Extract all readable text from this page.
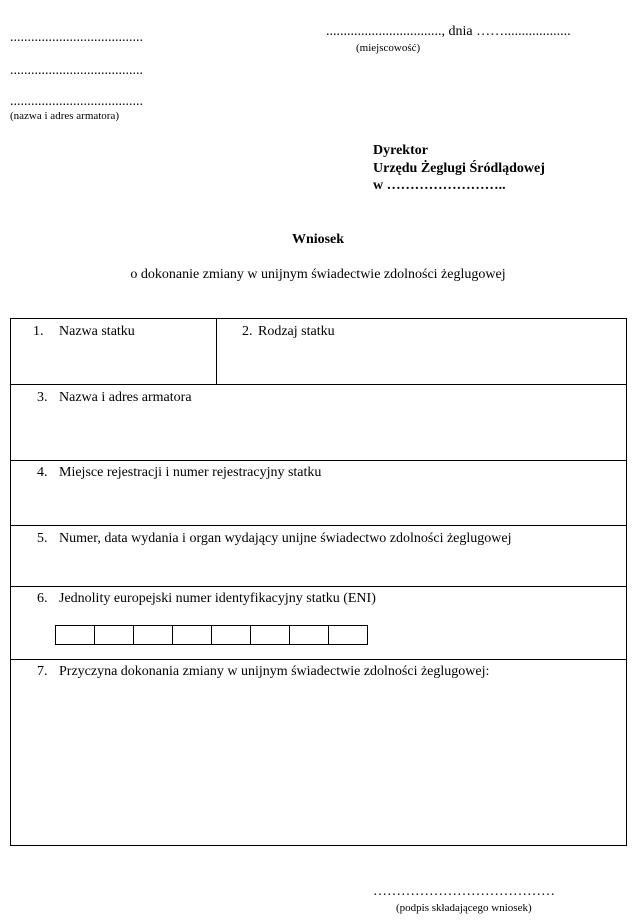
......................................
......................................
......................................
(nazwa i adres armatora)
................................., dnia ……...................
(miejscowość)
Dyrektor
Urzędu Żeglugi Śródlądowej
w ……………………..
Wniosek
o dokonanie zmiany w unijnym świadectwie zdolności żeglugowej
1. Nazwa statku	2. Rodzaj statku
3. Nazwa i adres armatora
4. Miejsce rejestracji i numer rejestracyjny statku
5. Numer, data wydania i organ wydający unijne świadectwo zdolności żeglugowej
6. Jednolity europejski numer identyfikacyjny statku (ENI)
7. Przyczyna dokonania zmiany w unijnym świadectwie zdolności żeglugowej:
…………………………………
(podpis składającego wniosek)
